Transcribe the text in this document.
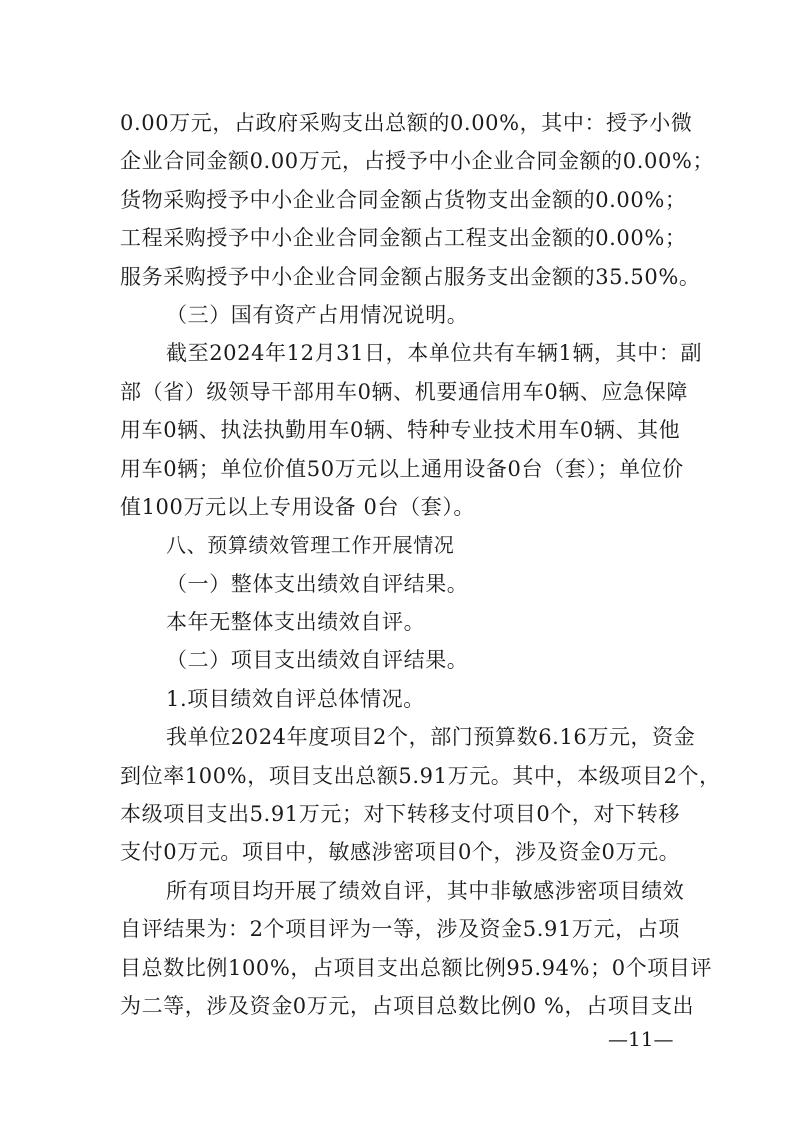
0.00万元，占政府采购支出总额的0.00%，其中：授予小微
企业合同金额0.00万元，占授予中小企业合同金额的0.00%；
货物采购授予中小企业合同金额占货物支出金额的0.00%；
工程采购授予中小企业合同金额占工程支出金额的0.00%；
服务采购授予中小企业合同金额占服务支出金额的35.50%。
（三）国有资产占用情况说明。
截至2024年12月31日，本单位共有车辆1辆，其中：副
部（省）级领导干部用车0辆、机要通信用车0辆、应急保障
用车0辆、执法执勤用车0辆、特种专业技术用车0辆、其他
用车0辆；单位价值50万元以上通用设备0台（套）；单位价
值100万元以上专用设备 0台（套）。
八、预算绩效管理工作开展情况
（一）整体支出绩效自评结果。
本年无整体支出绩效自评。
（二）项目支出绩效自评结果。
1.项目绩效自评总体情况。
我单位2024年度项目2个，部门预算数6.16万元，资金
到位率100%，项目支出总额5.91万元。其中，本级项目2个，
本级项目支出5.91万元；对下转移支付项目0个，对下转移
支付0万元。项目中，敏感涉密项目0个，涉及资金0万元。
所有项目均开展了绩效自评，其中非敏感涉密项目绩效
自评结果为：2个项目评为一等，涉及资金5.91万元，占项
目总数比例100%，占项目支出总额比例95.94%；0个项目评
为二等，涉及资金0万元，占项目总数比例0 %，占项目支出
—11—
